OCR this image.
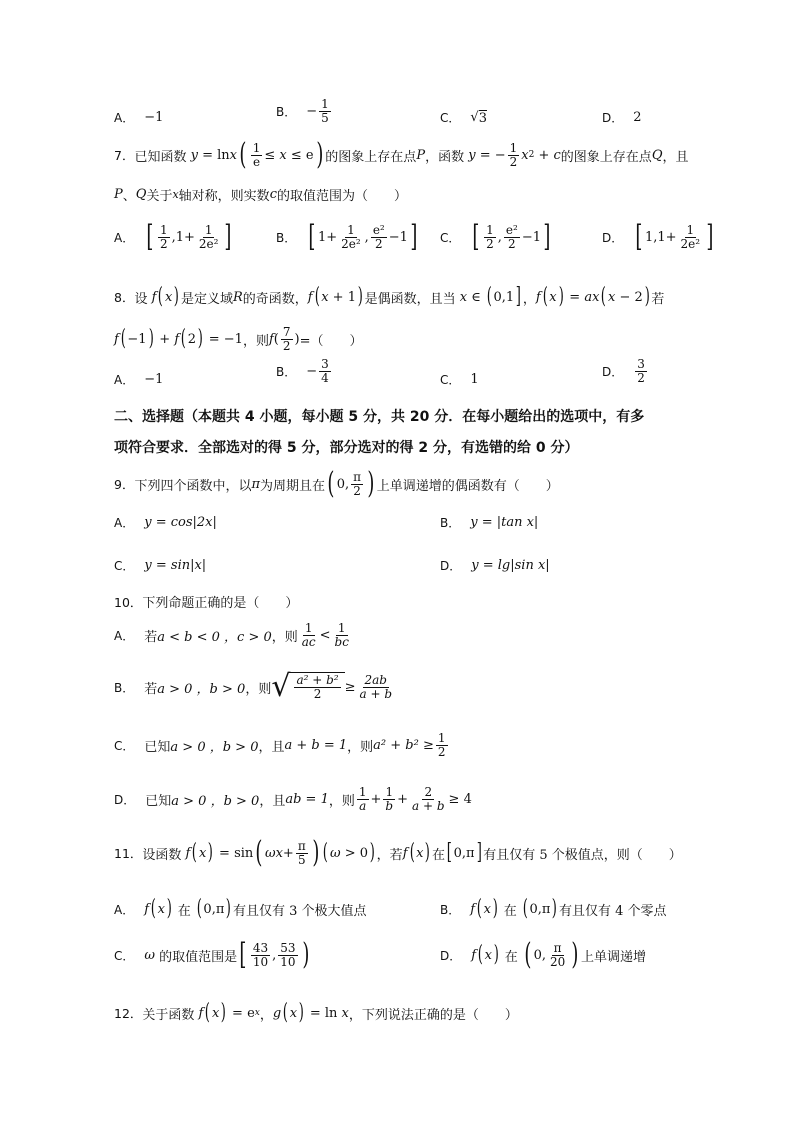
A． −1	B． − $\frac{1}{5}$	C． √ 3	D． 2
7． 已知函数 y = ln x ( $\frac{1}{e} \le x \le e$ ) 的图象上存在点 P ，函数 y = − $\frac{1}{2}$ x 2 + c 的图象上存在点 Q ，且
P 、 Q 关于 x 轴对称，则实数 c 的取值范围为（　　）
A． [ $\frac{1}{2} ,1+ \frac{1}{\text{2e²}}$ ]	B． [ $1+ \frac{1}{\text{2e²}}$ , $\frac{\text{e²}}{2} -1$ ] C． [ $\frac{1}{2}$ , $\frac{\text{e²}}{2} -1$ ]	D． [ $1,1+ \frac{1}{\text{2e²}}$ ]
8． 设 f ( x ) 是定义域 R 的奇函数， f ( x + 1 ) 是偶函数，且当 x ∈ ( 0,1 ] ， f ( x ) = ax ( x − 2 ) 若
f ( −1 ) + f ( 2 ) = −1 ，则 f ( $\frac{7}{2}$ ) =（　　）
A． −1
B． − $\frac{3}{4}$	C． 1
D． $\frac{3}{2}$
二、选择题（本题共 4 小题，每小题 5 分，共 20 分．在每小题给出的选项中，有多
项符合要求．全部选对的得 5 分，部分选对的得 2 分，有选错的给 0 分）
9． 下列四个函数中，以 π 为周期且在 ( 0, $\frac{\pi}{2}$ ) 上单调递增的偶函数有（　　）
A． y = cos|2x|	B． y = |tan x|
C． y = sin|x|	D． y = lg|sin x|
10． 下列命题正确的是（　　）
A． 若 a < b < 0 ，c > 0 ，则 $\frac{1}{ac} < \frac{1}{bc}$
B． 若 a > 0 ，b > 0 ，则 √ $\frac{\text{a² + b²}}{2} \ge \frac{2ab}{a + b}$
C． 已知 a > 0 ，b > 0 ，且 a + b = 1 ，则 $a^2 + b^2 \ge \frac{1}{2}$
D． 已知 a > 0 ，b > 0 ，且 ab = 1 ，则 $\frac{1}{a} + \frac{1}{b} + \frac{2}{a + b} \ge 4$
11． 设函数 f ( x ) = sin ( $\omega x + \frac{\pi}{5}$ ) ( ω > 0 ) ，若 f ( x ) 在 [ 0,π ] 有且仅有 5 个极值点，则（　　）
A． f ( x ) 在 ( 0,π ) 有且仅有 3 个极大值点	B． f ( x ) 在 ( 0,π ) 有且仅有 4 个零点
C． ω
的取值范围是 [ $\frac{43}{10}$ , $\frac{53}{10}$ )	D． f ( x ) 在 ( 0, $\frac{\pi}{20}$ ) 上单调递增
12． 关于函数 f ( x ) = e x ， g ( x ) = ln x ，下列说法正确的是（　　）
